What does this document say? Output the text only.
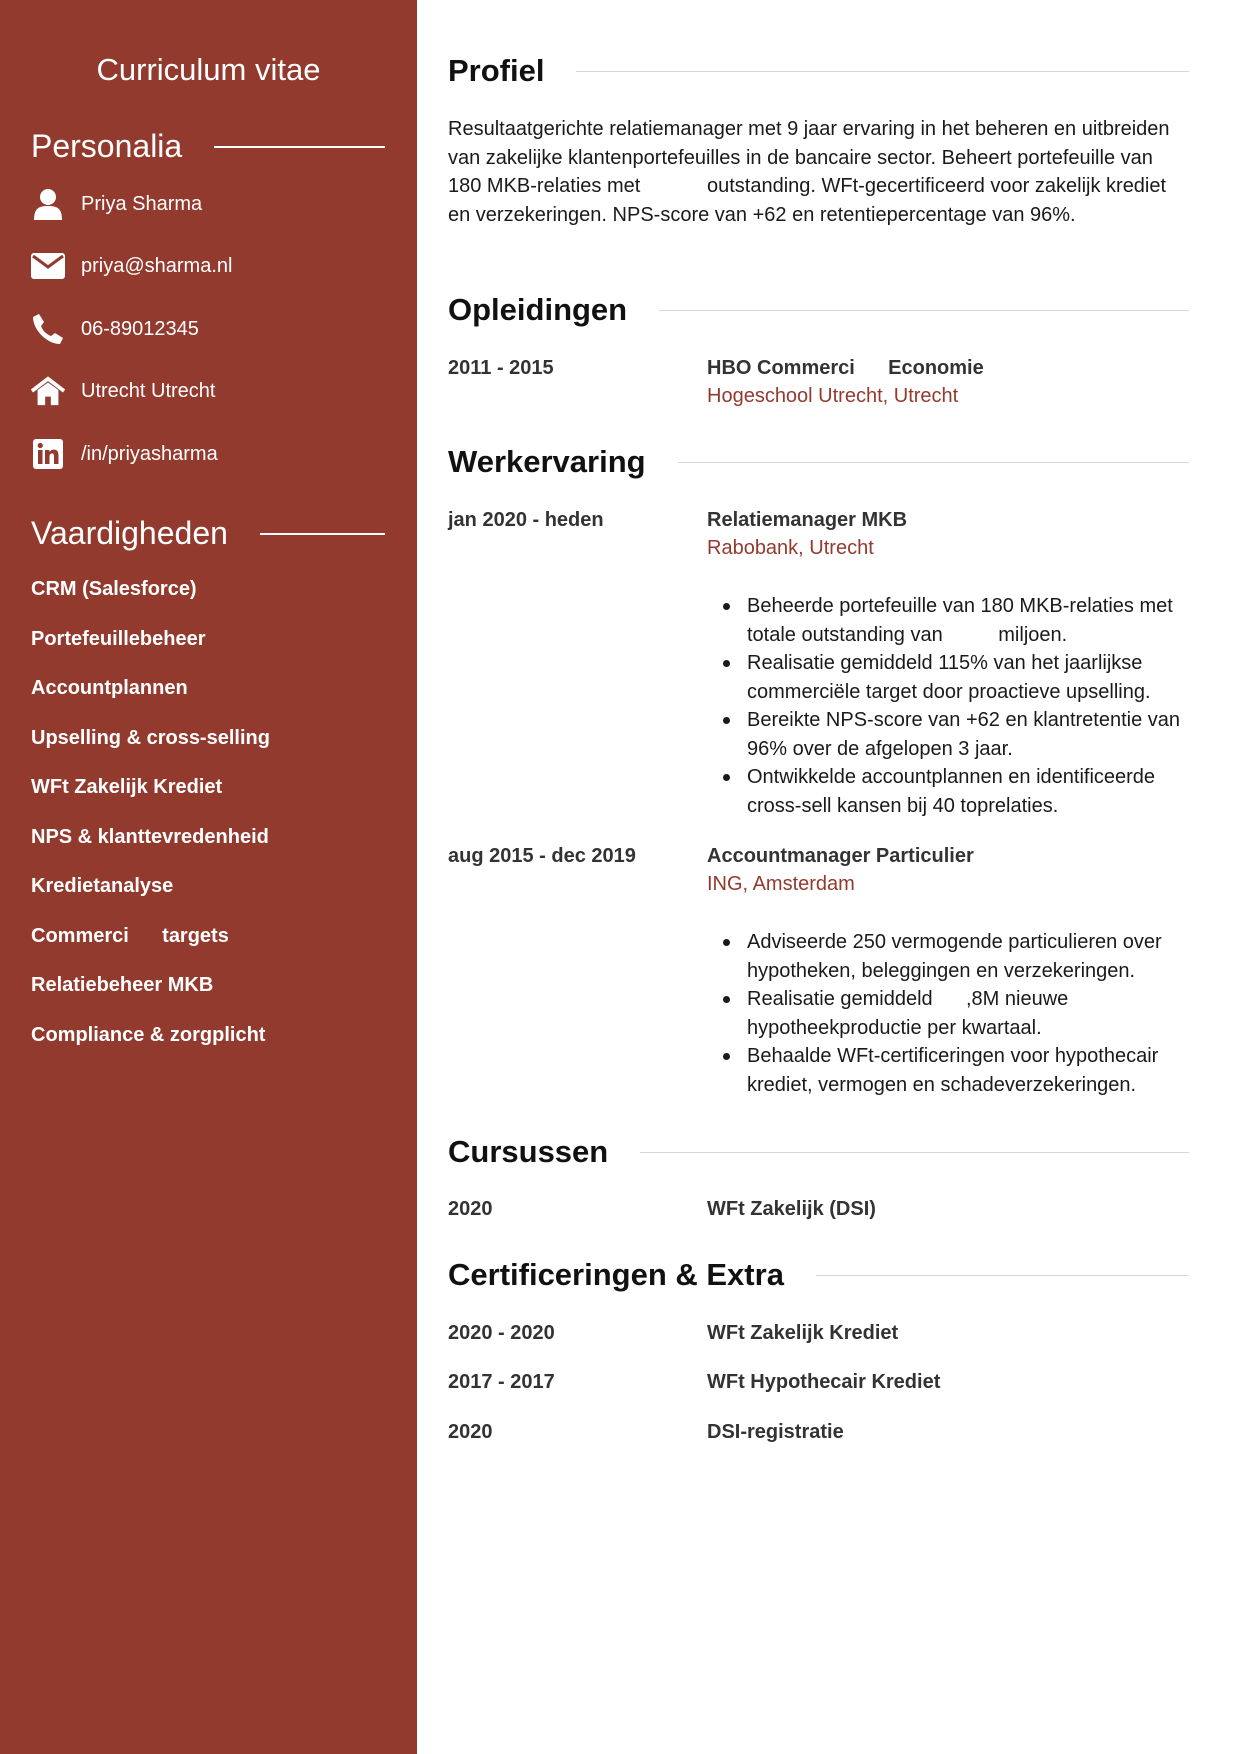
Curriculum vitae
Personalia
Priya Sharma
priya@sharma.nl
06-89012345
Utrecht Utrecht
/in/priyasharma
Vaardigheden
CRM (Salesforce)
Portefeuillebeheer
Accountplannen
Upselling & cross-selling
WFt Zakelijk Krediet
NPS & klanttevredenheid
Kredietanalyse
Commerci      targets
Relatiebeheer MKB
Compliance & zorgplicht
Profiel

Resultaatgerichte relatiemanager met 9 jaar ervaring in het beheren en uitbreiden van zakelijke klantenportefeuilles in de bancaire sector. Beheert portefeuille van 180 MKB-relaties met            outstanding. WFt-gecertificeerd voor zakelijk krediet en verzekeringen. NPS-score van +62 en retentiepercentage van 96%.

Opleidingen
2011 - 2015	HBO Commerci      Economie
Hogeschool Utrecht, Utrecht
Werkervaring
jan 2020 - heden	Relatiemanager MKB
Rabobank, Utrecht
Beheerde portefeuille van 180 MKB-relaties met totale outstanding van          miljoen.
Realisatie gemiddeld 115% van het jaarlijkse commerciële target door proactieve upselling.
Bereikte NPS-score van +62 en klantretentie van 96% over de afgelopen 3 jaar.
Ontwikkelde accountplannen en identificeerde cross-sell kansen bij 40 toprelaties.
aug 2015 - dec 2019	Accountmanager Particulier
ING, Amsterdam
Adviseerde 250 vermogende particulieren over hypotheken, beleggingen en verzekeringen.
Realisatie gemiddeld      ,8M nieuwe hypotheekproductie per kwartaal.
Behaalde WFt-certificeringen voor hypothecair krediet, vermogen en schadeverzekeringen.
Cursussen
2020	WFt Zakelijk (DSI)
Certificeringen & Extra
2020 - 2020	WFt Zakelijk Krediet
2017 - 2017	WFt Hypothecair Krediet
2020	DSI-registratie
